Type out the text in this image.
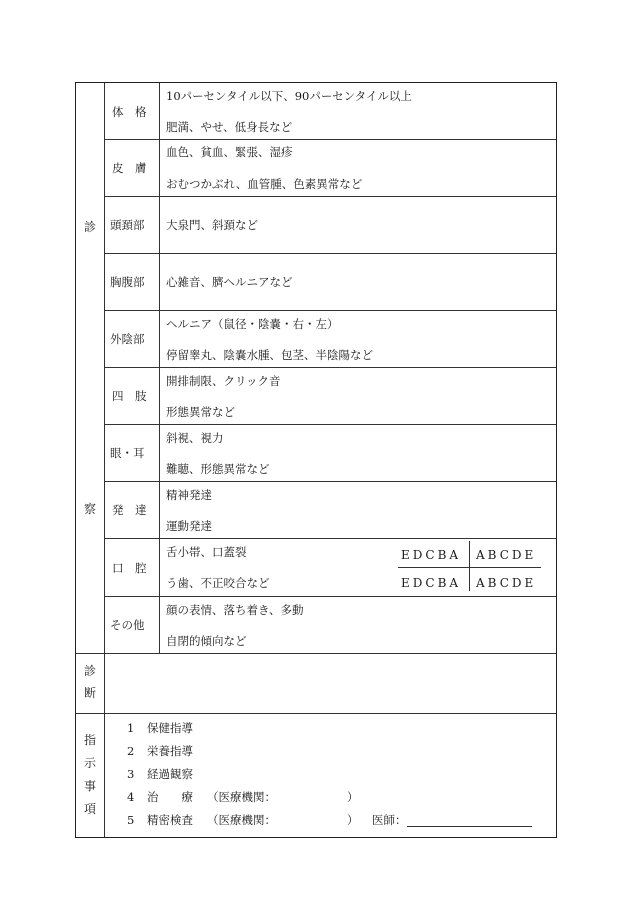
診
察
体　格
10パーセンタイル以下、90パーセンタイル以上
肥満、やせ、低身長など
皮　膚
血色、貧血、緊張、湿疹
おむつかぶれ、血管腫、色素異常など
頭頚部 大泉門、斜頚など
胸腹部 心雑音、臍ヘルニアなど
外陰部
ヘルニア（鼠径・陰嚢・右・左）
停留睾丸、陰嚢水腫、包茎、半陰陽など
四　肢
開排制限、クリック音
形態異常など
眼・耳
斜視、視力
難聴、形態異常など
発　達
精神発達
運動発達
口　腔
舌小帯、口蓋裂
う歯、不正咬合など
EDCBA ABCDE
EDCBA ABCDE
その他
顔の表情、落ち着き、多動
自閉的傾向など
診
断
指
示
事
項
1 保健指導
2 栄養指導
3 経過観察
4 治　　療 （医療機関：	）
5 精密検査 （医療機関：	） 医師：
